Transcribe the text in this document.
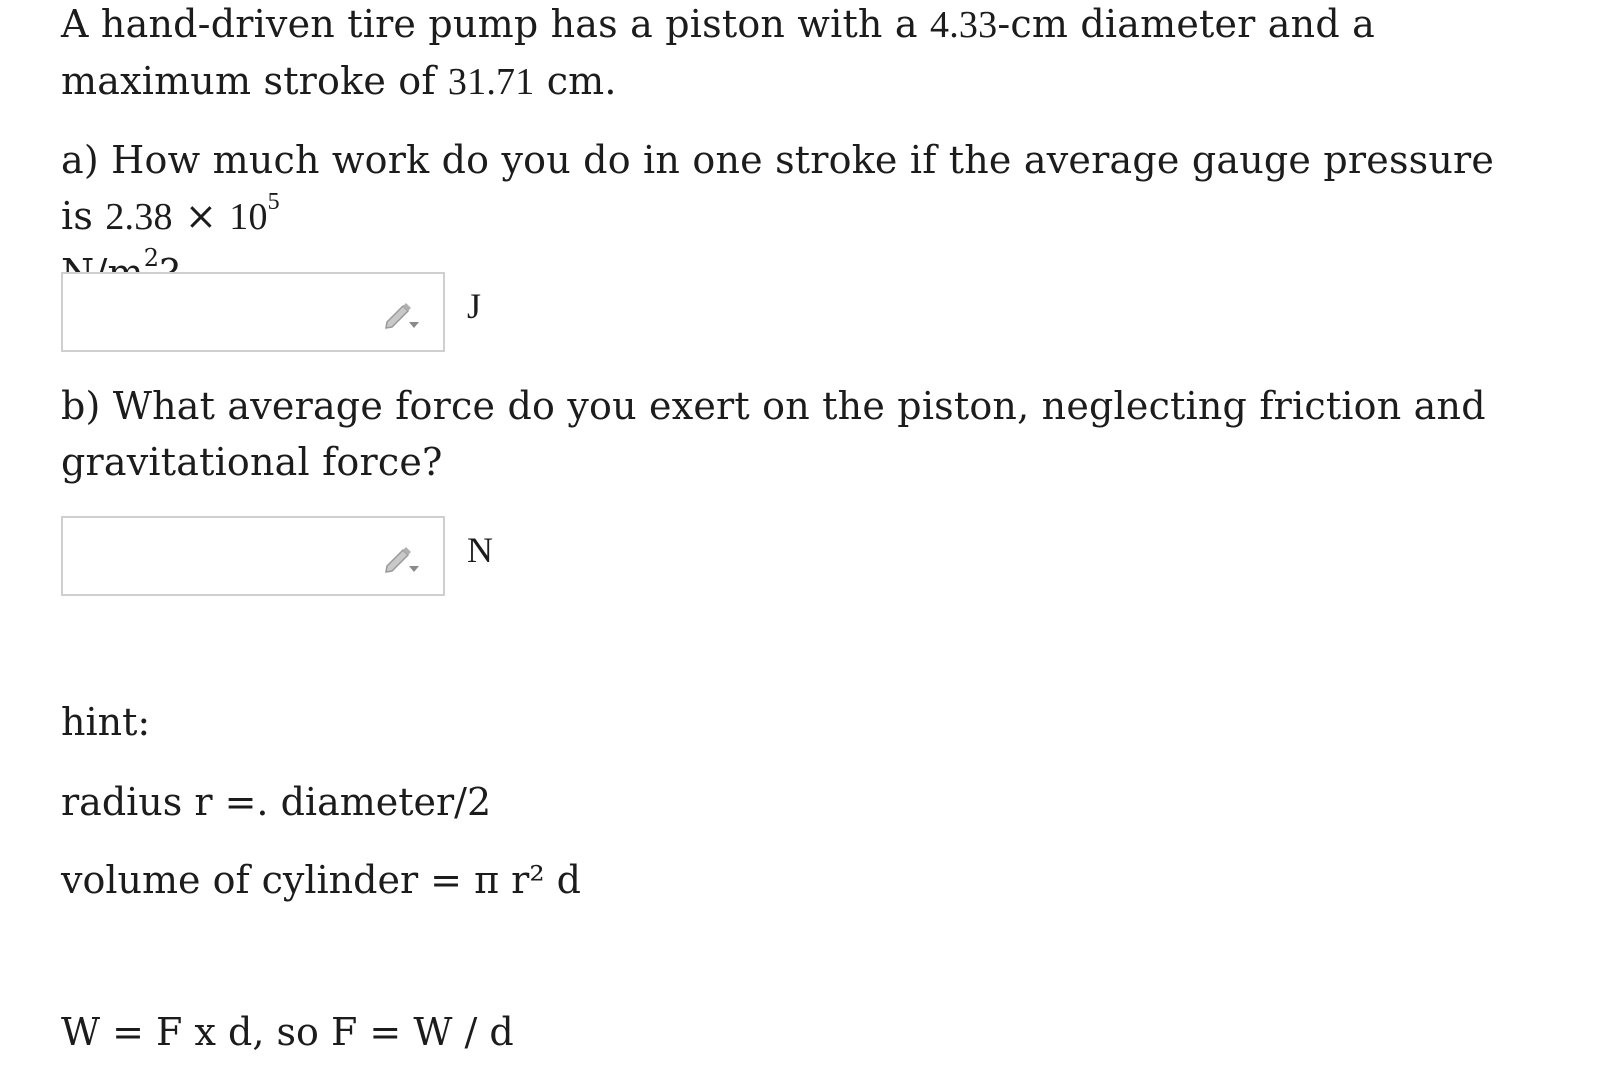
A hand-driven tire pump has a piston with a 4.33-cm diameter and a maximum stroke of 31.71 cm.

a) How much work do you do in one stroke if the average gauge pressure is $2.38 \times 10^5$
$^2$

J

b) What average force do you exert on the piston, neglecting friction and gravitational force?

N

hint:

radius r =. diameter/2

volume of cylinder = π r² d

W = F x d, so F = W / d
